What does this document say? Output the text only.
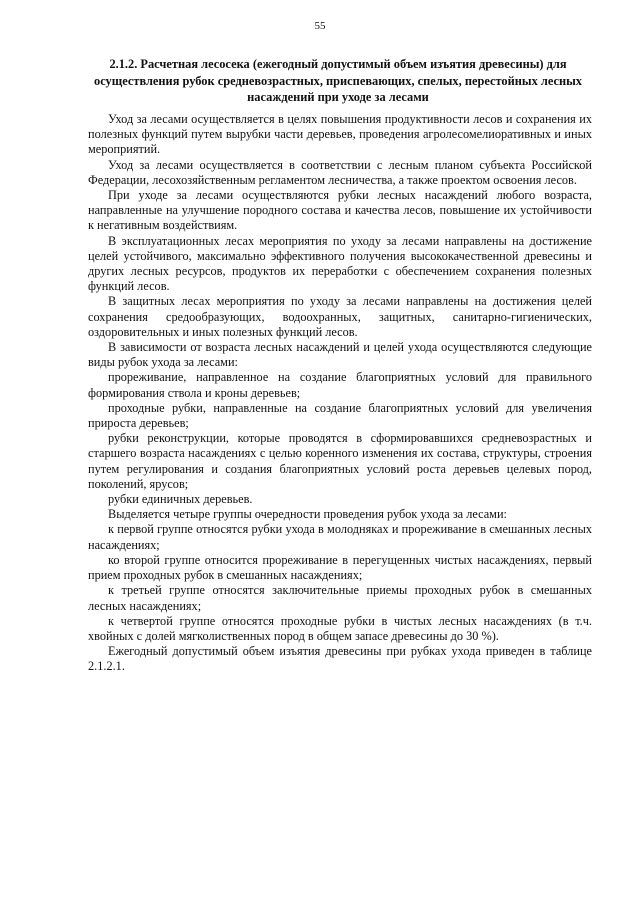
55
2.1.2. Расчетная лесосека (ежегодный допустимый объем изъятия древесины) для осуществления рубок средневозрастных, приспевающих, спелых, перестойных лесных насаждений при уходе за лесами

Уход за лесами осуществляется в целях повышения продуктивности лесов и сохранения их полезных функций путем вырубки части деревьев, проведения агролесомелиоративных и иных мероприятий.

Уход за лесами осуществляется в соответствии с лесным планом субъекта Российской Федерации, лесохозяйственным регламентом лесничества, а также проектом освоения лесов.

При уходе за лесами осуществляются рубки лесных насаждений любого возраста, направленные на улучшение породного состава и качества лесов, повышение их устойчивости к негативным воздействиям.

В эксплуатационных лесах мероприятия по уходу за лесами направлены на достижение целей устойчивого, максимально эффективного получения высококачественной древесины и других лесных ресурсов, продуктов их переработки с обеспечением сохранения полезных функций лесов.

В защитных лесах мероприятия по уходу за лесами направлены на достижения целей сохранения средообразующих, водоохранных, защитных, санитарно-гигиенических, оздоровительных и иных полезных функций лесов.

В зависимости от возраста лесных насаждений и целей ухода осуществляются следующие виды рубок ухода за лесами:

прореживание, направленное на создание благоприятных условий для правильного формирования ствола и кроны деревьев;

проходные рубки, направленные на создание благоприятных условий для увеличения прироста деревьев;

рубки реконструкции, которые проводятся в сформировавшихся средневозрастных и старшего возраста насаждениях с целью коренного изменения их состава, структуры, строения путем регулирования и создания благоприятных условий роста деревьев целевых пород, поколений, ярусов;

рубки единичных деревьев.

Выделяется четыре группы очередности проведения рубок ухода за лесами:

к первой группе относятся рубки ухода в молодняках и прореживание в смешанных лесных насаждениях;

ко второй группе относится прореживание в перегущенных чистых насаждениях, первый прием проходных рубок в смешанных насаждениях;

к третьей группе относятся заключительные приемы проходных рубок в смешанных лесных насаждениях;

к четвертой группе относятся проходные рубки в чистых лесных насаждениях (в т.ч. хвойных с долей мягколиственных пород в общем запасе древесины до 30 %).

Ежегодный допустимый объем изъятия древесины при рубках ухода приведен в таблице 2.1.2.1.
